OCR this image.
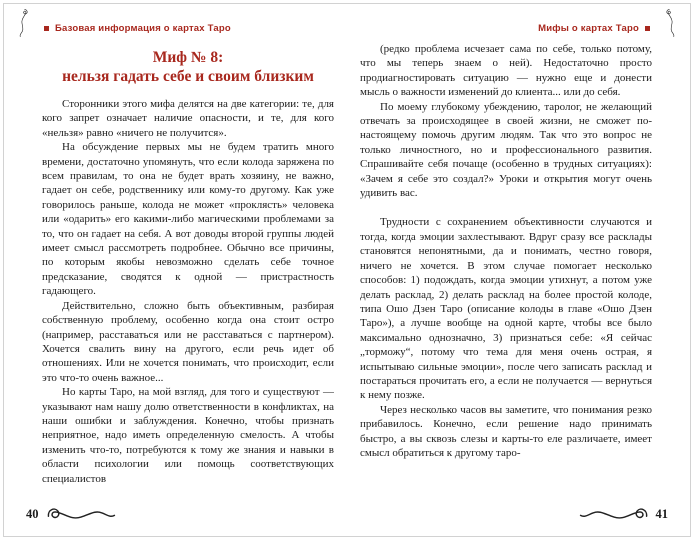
Базовая информация о картах Таро	Мифы о картах Таро
Миф № 8:
нельзя гадать себе и своим близким

Сторонники этого мифа делятся на две категории: те, для кого запрет означает наличие опасности, и те, для кого «нельзя» равно «ничего не получится».

На обсуждение первых мы не будем тратить много времени, достаточно упомянуть, что если колода заряжена по всем правилам, то она не будет врать хозяину, не важно, гадает он себе, родственнику или кому-то другому. Как уже говорилось раньше, колода не может «проклясть» человека или «одарить» его какими-либо магическими проблемами за то, что он гадает на себя. А вот доводы второй группы людей имеет смысл рассмотреть подробнее. Обычно все причины, по которым якобы невозможно сделать себе точное предсказание, сводятся к одной — пристрастность гадающего.

Действительно, сложно быть объективным, разбирая собственную проблему, особенно когда она стоит остро (например, расставаться или не расставаться с партнером). Хочется свалить вину на другого, если речь идет об отношениях. Или не хочется понимать, что происходит, если это что-то очень важное...

Но карты Таро, на мой взгляд, для того и существуют — указывают нам нашу долю ответственности в конфликтах, на наши ошибки и заблуждения. Конечно, чтобы признать неприятное, надо иметь определенную смелость. А чтобы изменить что-то, потребуются к тому же знания и навыки в области психологии или помощь соответствующих специалистов

(редко проблема исчезает сама по себе, только потому, что мы теперь знаем о ней). Недостаточно просто продиагностировать ситуацию — нужно еще и донести мысль о важности изменений до клиента... или до себя.

По моему глубокому убеждению, таролог, не желающий отвечать за происходящее в своей жизни, не сможет по-настоящему помочь другим людям. Так что это вопрос не только личностного, но и профессионального развития. Спрашивайте себя почаще (особенно в трудных ситуациях): «Зачем я себе это создал?» Уроки и открытия могут очень удивить вас.

Трудности с сохранением объективности случаются и тогда, когда эмоции захлестывают. Вдруг сразу все расклады становятся непонятными, да и понимать, честно говоря, ничего не хочется. В этом случае помогает несколько способов: 1) подождать, когда эмоции утихнут, а потом уже делать расклад, 2) делать расклад на более простой колоде, типа Ошо Дзен Таро (описание колоды в главе «Ошо Дзен Таро»), а лучше вообще на одной карте, чтобы все было максимально однозначно, 3) признаться себе: «Я сейчас „торможу“, потому что тема для меня очень острая, я испытываю сильные эмоции», после чего записать расклад и постараться прочитать его, а если не получается — вернуться к нему позже.

Через несколько часов вы заметите, что понимания резко прибавилось. Конечно, если решение надо принимать быстро, а вы сквозь слезы и карты-то еле различаете, имеет смысл обратиться к другому таро-

40	41
